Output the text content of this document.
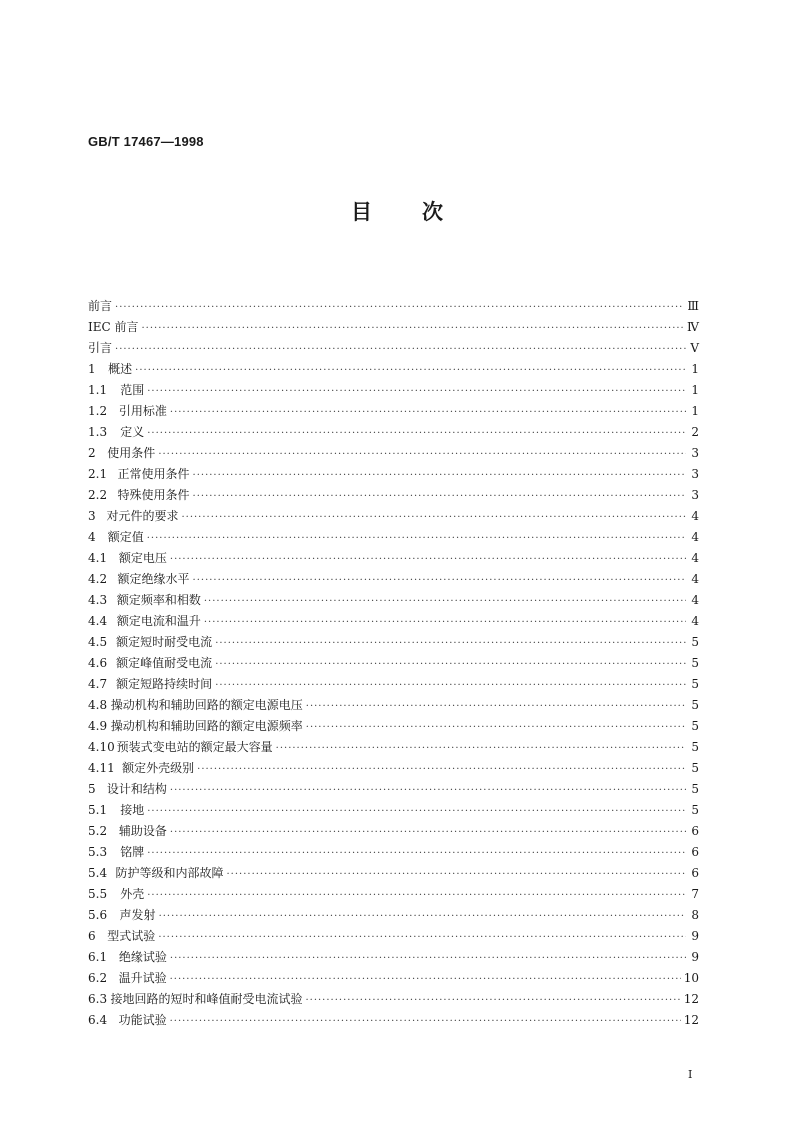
GB/T 17467—1998
目次
前言 ·····	Ⅲ
IEC 前言 ·····	Ⅳ
引言 ·····	Ⅴ
1	概述 ·····	1
1.1	范围 ·····	1
1.2 引用标准 ·····	1
1.3	定义 ·····	2
2 使用条件 ·····	3
2.1 正常使用条件 ·····	3
2.2 特殊使用条件 ·····	3
3 对元件的要求 ·····	4
4	额定值 ·····	4
4.1 额定电压 ·····	4
4.2 额定绝缘水平 ·····	4
4.3 额定频率和相数 ·····	4
4.4 额定电流和温升 ·····	4
4.5 额定短时耐受电流 ·····	5
4.6 额定峰值耐受电流 ·····	5
4.7 额定短路持续时间 ·····	5
4.8 操动机构和辅助回路的额定电源电压 ·····	5
4.9 操动机构和辅助回路的额定电源频率 ·····	5
4.10 预装式变电站的额定最大容量 ·····	5
4.11 额定外壳级别 ·····	5
5 设计和结构 ·····	5
5.1	接地 ·····	5
5.2 辅助设备 ·····	6
5.3	铭牌 ·····	6
5.4 防护等级和内部故障 ·····	6
5.5	外壳 ·····	7
5.6	声发射 ·····	8
6 型式试验 ·····	9
6.1 绝缘试验 ·····	9
6.2 温升试验 ·····	10
6.3 接地回路的短时和峰值耐受电流试验 ·····	12
6.4 功能试验 ·····	12
I
